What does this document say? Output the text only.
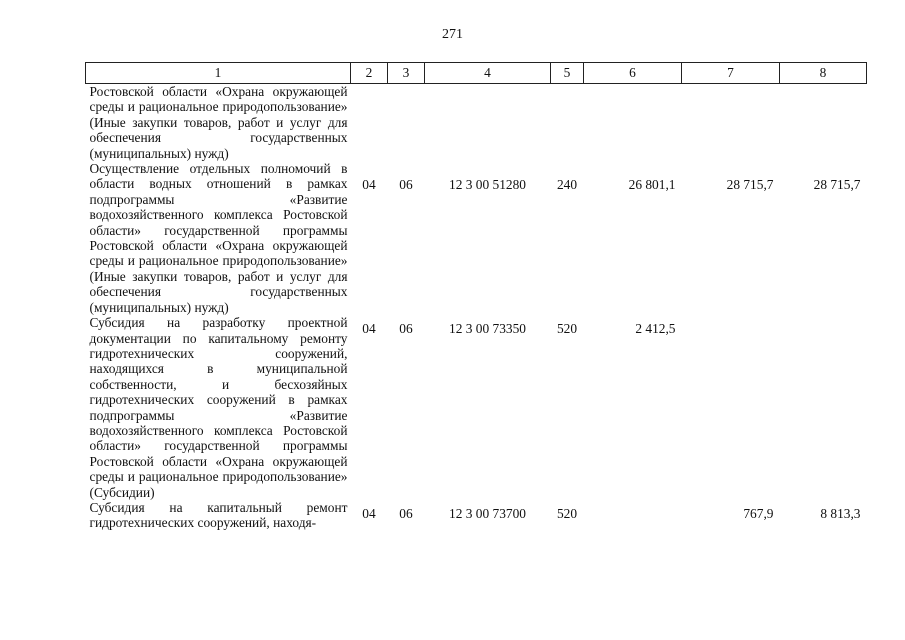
271
1	2	3	4	5	6	7	8
Ростовской области «Охрана окружающей среды и рациональное природопользование» (Иные закупки товаров, работ и услуг для обеспечения государственных (муниципальных) нужд)							
Осуществление отдельных полномочий в области водных отношений в рамках подпрограммы «Развитие водохозяйственного комплекса Ростовской области» государственной программы Ростовской области «Охрана окружающей среды и рациональное природопользование» (Иные закупки товаров, работ и услуг для обеспечения государственных (муниципальных) нужд)	04	06	12 3 00 51280	240	26 801,1	28 715,7	28 715,7
Субсидия на разработку проектной документации по капитальному ремонту гидротехнических сооружений, находящихся в муниципальной собственности, и бесхозяйных гидротехнических сооружений в рамках подпрограммы «Развитие водохозяйственного комплекса Ростовской области» государственной программы Ростовской области «Охрана окружающей среды и рациональное природопользование» (Субсидии)	04	06	12 3 00 73350	520	2 412,5		
Субсидия на капитальный ремонт гидротехнических сооружений, находя-	04	06	12 3 00 73700	520		767,9	8 813,3
